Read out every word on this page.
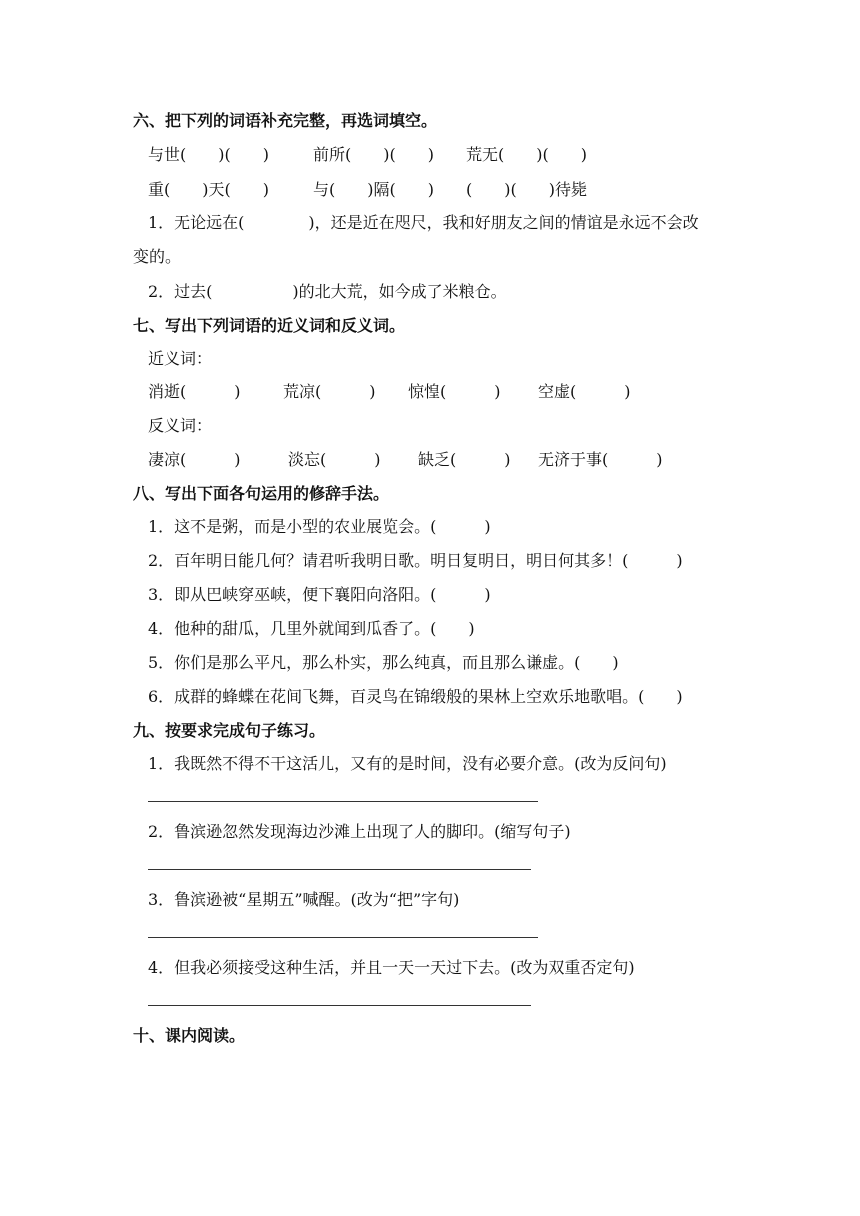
六、把下列的词语补充完整，再选词填空。
与世(　　)(　　)	前所(　　)(　　) 荒无(　　)(　　)
重(　　)天(　　)	与(　　)隔(　　) (　　)(　　)待毙
1．无论远在(　　　　)，还是近在咫尺，我和好朋友之间的情谊是永远不会改
变的。
2．过去(　　　　　)的北大荒，如今成了米粮仓。
七、写出下列词语的近义词和反义词。
近义词：
消逝(　　　)	荒凉(　　　) 惊惶(　　　) 空虚(　　　)
反义词：
凄凉(　　　)	淡忘(　　　) 缺乏(　　　) 无济于事(　　　)
八、写出下面各句运用的修辞手法。
1．这不是粥，而是小型的农业展览会。(　　　)
2．百年明日能几何？请君听我明日歌。明日复明日，明日何其多！(　　　)
3．即从巴峡穿巫峡，便下襄阳向洛阳。(　　　)
4．他种的甜瓜，几里外就闻到瓜香了。(　　)
5．你们是那么平凡，那么朴实，那么纯真，而且那么谦虚。(　　)
6．成群的蜂蝶在花间飞舞，百灵鸟在锦缎般的果林上空欢乐地歌唱。(　　)
九、按要求完成句子练习。
1．我既然不得不干这活儿，又有的是时间，没有必要介意。(改为反问句)
2．鲁滨逊忽然发现海边沙滩上出现了人的脚印。(缩写句子)
3．鲁滨逊被“星期五”喊醒。(改为“把”字句)
4．但我必须接受这种生活，并且一天一天过下去。(改为双重否定句)
十、课内阅读。
